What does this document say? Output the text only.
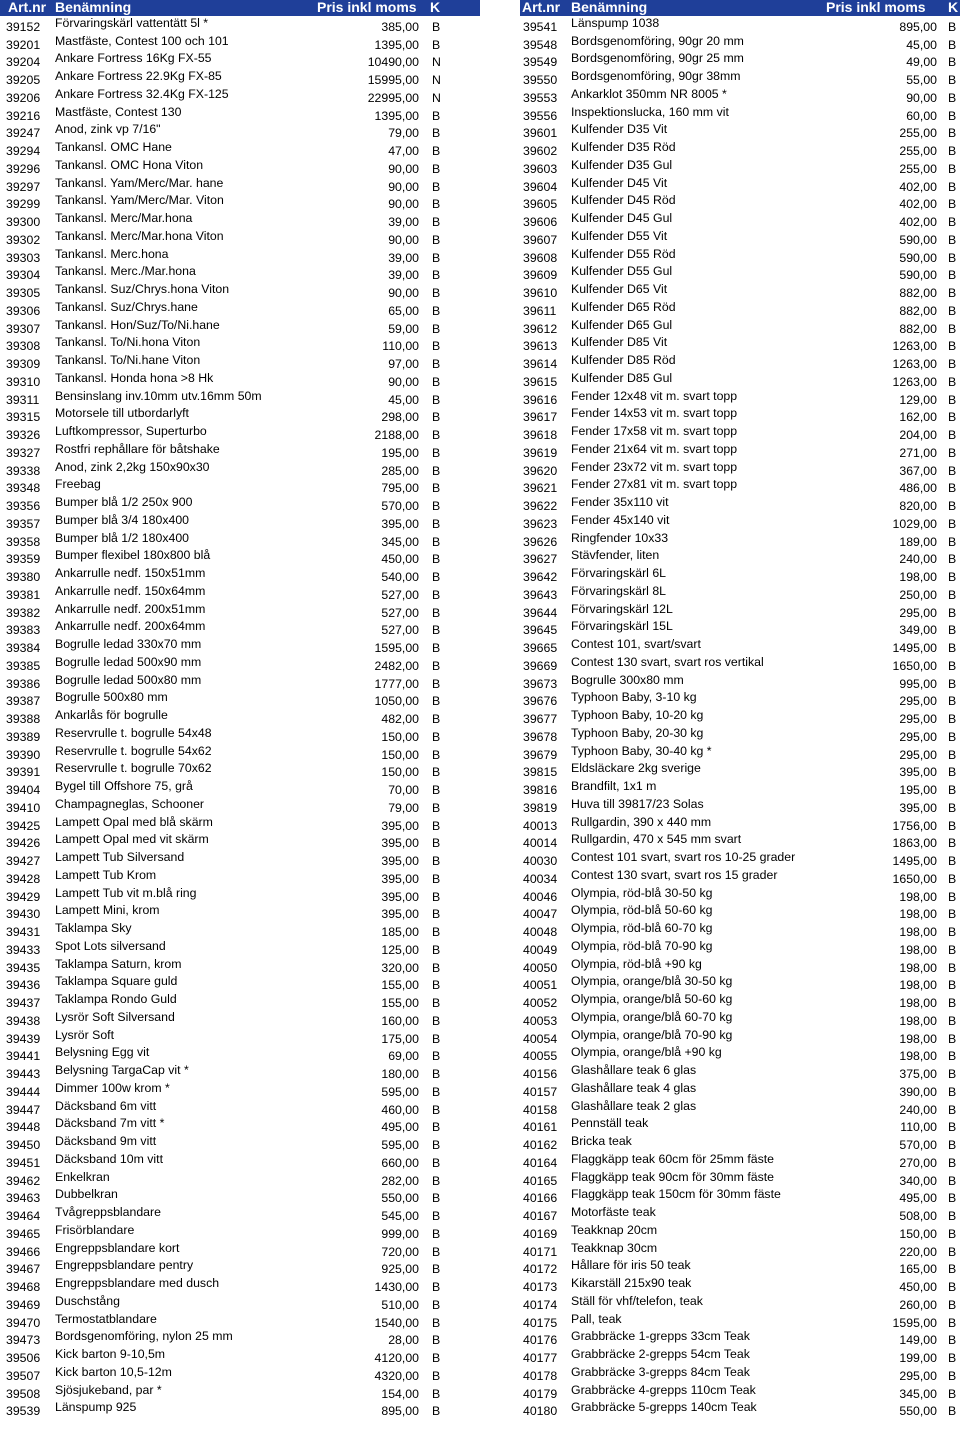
Art.nr Benämning	Pris inkl moms K
39152 Förvaringskärl vattentätt 5l *	385,00 B
39201 Mastfäste, Contest 100 och 101	1395,00 B
39204 Ankare Fortress 16Kg FX-55	10490,00 N
39205 Ankare Fortress 22.9Kg FX-85	15995,00 N
39206 Ankare Fortress 32.4Kg FX-125	22995,00 N
39216 Mastfäste, Contest 130	1395,00 B
39247 Anod, zink vp 7/16"	79,00 B
39294 Tankansl. OMC Hane	47,00 B
39296 Tankansl. OMC Hona Viton	90,00 B
39297 Tankansl. Yam/Merc/Mar. hane	90,00 B
39299 Tankansl. Yam/Merc/Mar. Viton	90,00 B
39300 Tankansl. Merc/Mar.hona	39,00 B
39302 Tankansl. Merc/Mar.hona Viton	90,00 B
39303 Tankansl. Merc.hona	39,00 B
39304 Tankansl. Merc./Mar.hona	39,00 B
39305 Tankansl. Suz/Chrys.hona Viton	90,00 B
39306 Tankansl. Suz/Chrys.hane	65,00 B
39307 Tankansl. Hon/Suz/To/Ni.hane	59,00 B
39308 Tankansl. To/Ni.hona Viton	110,00 B
39309 Tankansl. To/Ni.hane Viton	97,00 B
39310 Tankansl. Honda hona >8 Hk	90,00 B
39311 Bensinslang inv.10mm utv.16mm 50m	45,00 B
39315 Motorsele till utbordarlyft	298,00 B
39326 Luftkompressor, Superturbo	2188,00 B
39327 Rostfri rephållare för båtshake	195,00 B
39338 Anod, zink 2,2kg 150x90x30	285,00 B
39348 Freebag	795,00 B
39356 Bumper blå 1/2 250x 900	570,00 B
39357 Bumper blå 3/4 180x400	395,00 B
39358 Bumper blå 1/2 180x400	345,00 B
39359 Bumper flexibel 180x800 blå	450,00 B
39380 Ankarrulle nedf. 150x51mm	540,00 B
39381 Ankarrulle nedf. 150x64mm	527,00 B
39382 Ankarrulle nedf. 200x51mm	527,00 B
39383 Ankarrulle nedf. 200x64mm	527,00 B
39384 Bogrulle ledad 330x70 mm	1595,00 B
39385 Bogrulle ledad 500x90 mm	2482,00 B
39386 Bogrulle ledad 500x80 mm	1777,00 B
39387 Bogrulle 500x80 mm	1050,00 B
39388 Ankarlås för bogrulle	482,00 B
39389 Reservrulle t. bogrulle 54x48	150,00 B
39390 Reservrulle t. bogrulle 54x62	150,00 B
39391 Reservrulle t. bogrulle 70x62	150,00 B
39404 Bygel till Offshore 75, grå	70,00 B
39410 Champagneglas, Schooner	79,00 B
39425 Lampett Opal med blå skärm	395,00 B
39426 Lampett Opal med vit skärm	395,00 B
39427 Lampett Tub Silversand	395,00 B
39428 Lampett Tub Krom	395,00 B
39429 Lampett Tub vit m.blå ring	395,00 B
39430 Lampett Mini, krom	395,00 B
39431 Taklampa Sky	185,00 B
39433 Spot Lots silversand	125,00 B
39435 Taklampa Saturn, krom	320,00 B
39436 Taklampa Square guld	155,00 B
39437 Taklampa Rondo Guld	155,00 B
39438 Lysrör Soft Silversand	160,00 B
39439 Lysrör Soft	175,00 B
39441 Belysning Egg vit	69,00 B
39443 Belysning TargaCap vit *	180,00 B
39444 Dimmer 100w krom *	595,00 B
39447 Däcksband 6m vitt	460,00 B
39448 Däcksband 7m vitt *	495,00 B
39450 Däcksband 9m vitt	595,00 B
39451 Däcksband 10m vitt	660,00 B
39462 Enkelkran	282,00 B
39463 Dubbelkran	550,00 B
39464 Tvågreppsblandare	545,00 B
39465 Frisörblandare	999,00 B
39466 Engreppsblandare kort	720,00 B
39467 Engreppsblandare pentry	925,00 B
39468 Engreppsblandare med dusch	1430,00 B
39469 Duschstång	510,00 B
39470 Termostatblandare	1540,00 B
39473 Bordsgenomföring, nylon 25 mm	28,00 B
39506 Kick barton 9-10,5m	4120,00 B
39507 Kick barton 10,5-12m	4320,00 B
39508 Sjösjukeband, par *	154,00 B
39539 Länspump 925	895,00 B
Art.nr Benämning	Pris inkl moms K
39541 Länspump 1038	895,00 B
39548 Bordsgenomföring, 90gr 20 mm	45,00 B
39549 Bordsgenomföring, 90gr 25 mm	49,00 B
39550 Bordsgenomföring, 90gr 38mm	55,00 B
39553 Ankarklot 350mm NR 8005 *	90,00 B
39556 Inspektionslucka, 160 mm vit	60,00 B
39601 Kulfender D35 Vit	255,00 B
39602 Kulfender D35 Röd	255,00 B
39603 Kulfender D35 Gul	255,00 B
39604 Kulfender D45 Vit	402,00 B
39605 Kulfender D45 Röd	402,00 B
39606 Kulfender D45 Gul	402,00 B
39607 Kulfender D55 Vit	590,00 B
39608 Kulfender D55 Röd	590,00 B
39609 Kulfender D55 Gul	590,00 B
39610 Kulfender D65 Vit	882,00 B
39611 Kulfender D65 Röd	882,00 B
39612 Kulfender D65 Gul	882,00 B
39613 Kulfender D85 Vit	1263,00 B
39614 Kulfender D85 Röd	1263,00 B
39615 Kulfender D85 Gul	1263,00 B
39616 Fender 12x48 vit m. svart topp	129,00 B
39617 Fender 14x53 vit m. svart topp	162,00 B
39618 Fender 17x58 vit m. svart topp	204,00 B
39619 Fender 21x64 vit m. svart topp	271,00 B
39620 Fender 23x72 vit m. svart topp	367,00 B
39621 Fender 27x81 vit m. svart topp	486,00 B
39622 Fender 35x110 vit	820,00 B
39623 Fender 45x140 vit	1029,00 B
39626 Ringfender 10x33	189,00 B
39627 Stävfender, liten	240,00 B
39642 Förvaringskärl 6L	198,00 B
39643 Förvaringskärl 8L	250,00 B
39644 Förvaringskärl 12L	295,00 B
39645 Förvaringskärl 15L	349,00 B
39665 Contest 101, svart/svart	1495,00 B
39669 Contest 130 svart, svart ros vertikal	1650,00 B
39673 Bogrulle 300x80 mm	995,00 B
39676 Typhoon Baby, 3-10 kg	295,00 B
39677 Typhoon Baby, 10-20 kg	295,00 B
39678 Typhoon Baby, 20-30 kg	295,00 B
39679 Typhoon Baby, 30-40 kg *	295,00 B
39815 Eldsläckare 2kg sverige	395,00 B
39816 Brandfilt, 1x1 m	195,00 B
39819 Huva till 39817/23 Solas	395,00 B
40013 Rullgardin, 390 x 440 mm	1756,00 B
40014 Rullgardin, 470 x 545 mm svart	1863,00 B
40030 Contest 101 svart, svart ros 10-25 grader	1495,00 B
40034 Contest 130 svart, svart ros 15 grader	1650,00 B
40046 Olympia, röd-blå 30-50 kg	198,00 B
40047 Olympia, röd-blå 50-60 kg	198,00 B
40048 Olympia, röd-blå 60-70 kg	198,00 B
40049 Olympia, röd-blå 70-90 kg	198,00 B
40050 Olympia, röd-blå +90 kg	198,00 B
40051 Olympia, orange/blå 30-50 kg	198,00 B
40052 Olympia, orange/blå 50-60 kg	198,00 B
40053 Olympia, orange/blå 60-70 kg	198,00 B
40054 Olympia, orange/blå 70-90 kg	198,00 B
40055 Olympia, orange/blå +90 kg	198,00 B
40156 Glashållare teak 6 glas	375,00 B
40157 Glashållare teak 4 glas	390,00 B
40158 Glashållare teak 2 glas	240,00 B
40161 Pennställ teak	110,00 B
40162 Bricka teak	570,00 B
40164 Flaggkäpp teak 60cm för 25mm fäste	270,00 B
40165 Flaggkäpp teak 90cm för 30mm fäste	340,00 B
40166 Flaggkäpp teak 150cm för 30mm fäste	495,00 B
40167 Motorfäste teak	508,00 B
40169 Teakknap 20cm	150,00 B
40171 Teakknap 30cm	220,00 B
40172 Hållare för iris 50 teak	165,00 B
40173 Kikarställ 215x90 teak	450,00 B
40174 Ställ för vhf/telefon, teak	260,00 B
40175 Pall, teak	1595,00 B
40176 Grabbräcke 1-grepps 33cm Teak	149,00 B
40177 Grabbräcke 2-grepps 54cm Teak	199,00 B
40178 Grabbräcke 3-grepps 84cm Teak	295,00 B
40179 Grabbräcke 4-grepps 110cm Teak	345,00 B
40180 Grabbräcke 5-grepps 140cm Teak	550,00 B
